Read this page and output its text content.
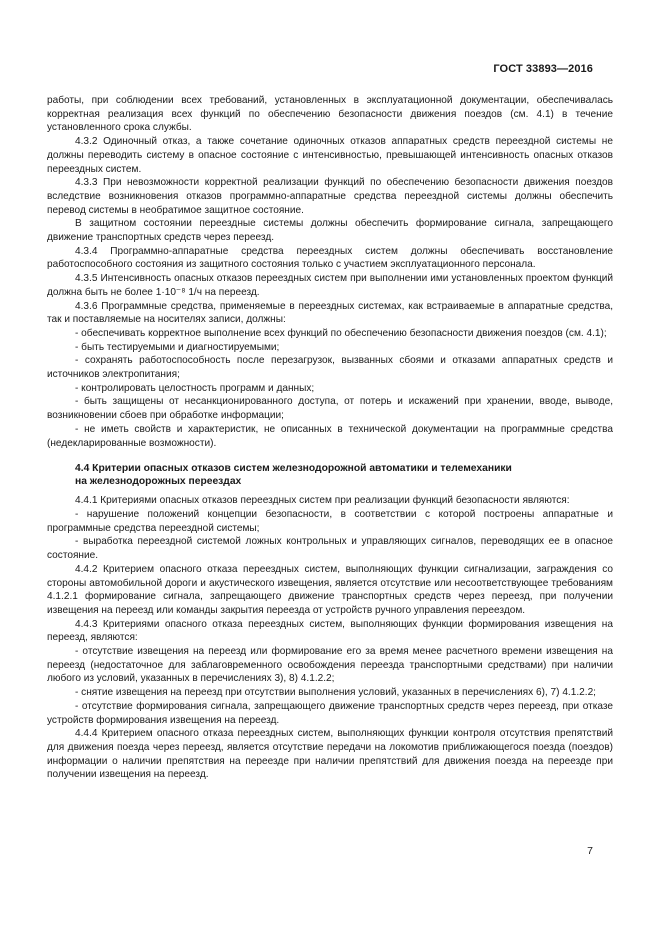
ГОСТ 33893—2016

работы, при соблюдении всех требований, установленных в эксплуатационной документации, обеспечивалась корректная реализация всех функций по обеспечению безопасности движения поездов (см. 4.1) в течение установленного срока службы.

4.3.2 Одиночный отказ, а также сочетание одиночных отказов аппаратных средств переездной системы не должны переводить систему в опасное состояние с интенсивностью, превышающей интенсивность опасных отказов переездных систем.

4.3.3 При невозможности корректной реализации функций по обеспечению безопасности движения поездов вследствие возникновения отказов программно-аппаратные средства переездной системы должны обеспечить перевод системы в необратимое защитное состояние.

В защитном состоянии переездные системы должны обеспечить формирование сигнала, запрещающего движение транспортных средств через переезд.

4.3.4 Программно-аппаратные средства переездных систем должны обеспечивать восстановление работоспособного состояния из защитного состояния только с участием эксплуатационного персонала.

4.3.5 Интенсивность опасных отказов переездных систем при выполнении ими установленных проектом функций должна быть не более 1·10⁻⁸ 1/ч на переезд.

4.3.6 Программные средства, применяемые в переездных системах, как встраиваемые в аппаратные средства, так и поставляемые на носителях записи, должны:

- обеспечивать корректное выполнение всех функций по обеспечению безопасности движения поездов (см. 4.1);

- быть тестируемыми и диагностируемыми;

- сохранять работоспособность после перезагрузок, вызванных сбоями и отказами аппаратных средств и источников электропитания;

- контролировать целостность программ и данных;

- быть защищены от несанкционированного доступа, от потерь и искажений при хранении, вводе, выводе, возникновении сбоев при обработке информации;

- не иметь свойств и характеристик, не описанных в технической документации на программные средства (недекларированные возможности).

4.4 Критерии опасных отказов систем железнодорожной автоматики и телемеханики
на железнодорожных переездах

4.4.1 Критериями опасных отказов переездных систем при реализации функций безопасности являются:

- нарушение положений концепции безопасности, в соответствии с которой построены аппаратные и программные средства переездной системы;

- выработка переездной системой ложных контрольных и управляющих сигналов, переводящих ее в опасное состояние.

4.4.2 Критерием опасного отказа переездных систем, выполняющих функции сигнализации, заграждения со стороны автомобильной дороги и акустического извещения, является отсутствие или несоответствующее требованиям 4.1.2.1 формирование сигнала, запрещающего движение транспортных средств через переезд, при получении извещения на переезд или команды закрытия переезда от устройств ручного управления переездом.

4.4.3 Критериями опасного отказа переездных систем, выполняющих функции формирования извещения на переезд, являются:

- отсутствие извещения на переезд или формирование его за время менее расчетного времени извещения на переезд (недостаточное для заблаговременного освобождения переезда транспортными средствами) при наличии любого из условий, указанных в перечислениях 3), 8) 4.1.2.2;

- снятие извещения на переезд при отсутствии выполнения условий, указанных в перечислениях 6), 7) 4.1.2.2;

- отсутствие формирования сигнала, запрещающего движение транспортных средств через переезд, при отказе устройств формирования извещения на переезд.

4.4.4 Критерием опасного отказа переездных систем, выполняющих функции контроля отсутствия препятствий для движения поезда через переезд, является отсутствие передачи на локомотив приближающегося поезда (поездов) информации о наличии препятствия на переезде при наличии препятствий для движения поезда на переезде при получении извещения на переезд.

7
